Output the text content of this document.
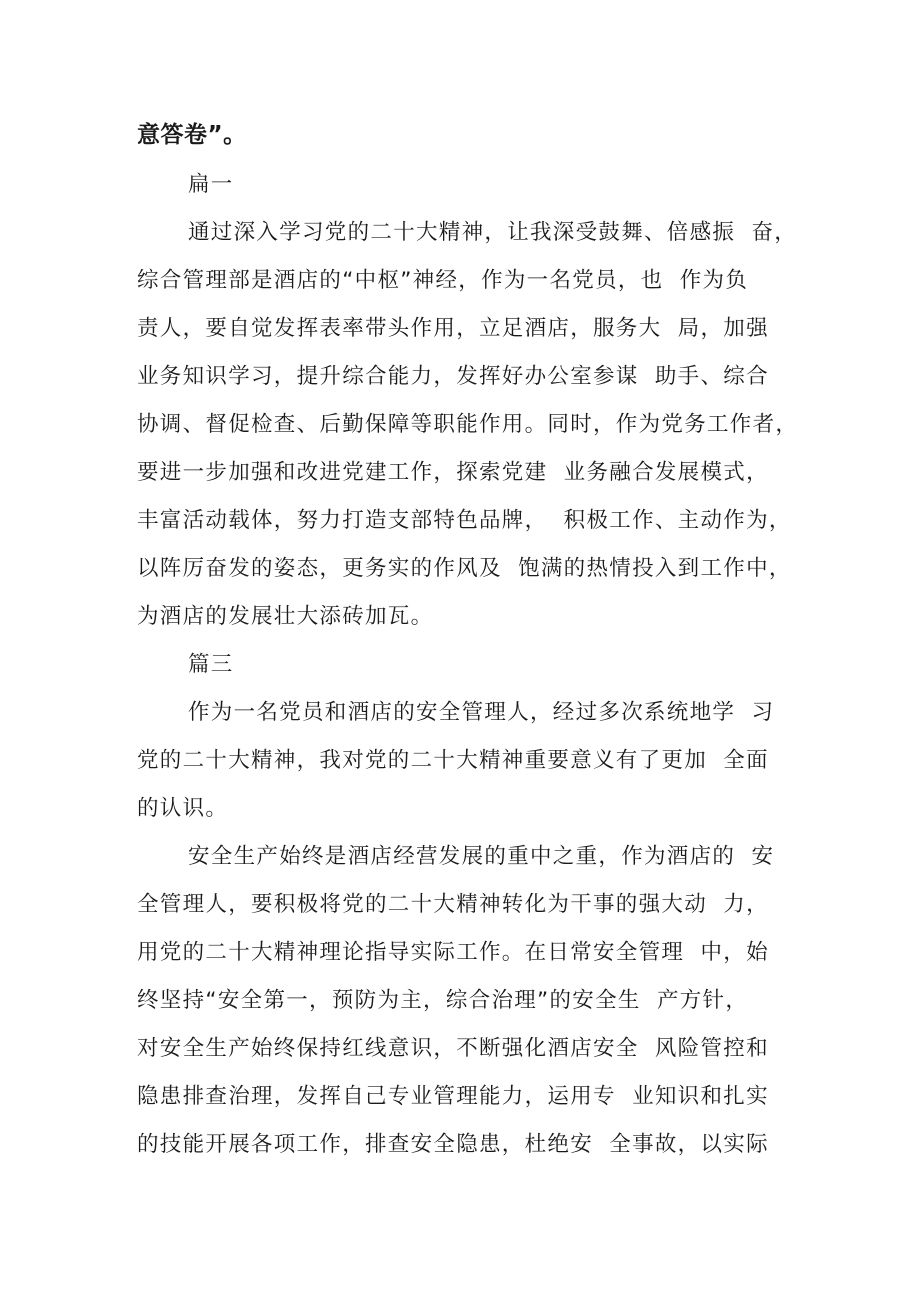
意答卷”。
扁一
通过深入学习党的二十大精神，让我深受鼓舞、倍感振  奋，
综合管理部是酒店的“中枢”神经，作为一名党员，也  作为负
责人，要自觉发挥表率带头作用，立足酒店，服务大  局，加强
业务知识学习，提升综合能力，发挥好办公室参谋  助手、综合
协调、督促检查、后勤保障等职能作用。同时，作为党务工作者，
要进一步加强和改进党建工作，探索党建  业务融合发展模式，
丰富活动载体，努力打造支部特色品牌，  积极工作、主动作为，
以阵厉奋发的姿态，更务实的作风及  饱满的热情投入到工作中，
为酒店的发展壮大添砖加瓦。
篇三
作为一名党员和酒店的安全管理人，经过多次系统地学  习
党的二十大精神，我对党的二十大精神重要意义有了更加  全面
的认识。
安全生产始终是酒店经营发展的重中之重，作为酒店的  安
全管理人，要积极将党的二十大精神转化为干事的强大动  力，
用党的二十大精神理论指导实际工作。在日常安全管理  中，始
终坚持“安全第一，预防为主，综合治理”的安全生  产方针，
对安全生产始终保持红线意识，不断强化酒店安全  风险管控和
隐患排查治理，发挥自己专业管理能力，运用专  业知识和扎实
的技能开展各项工作，排查安全隐患，杜绝安  全事故，以实际
